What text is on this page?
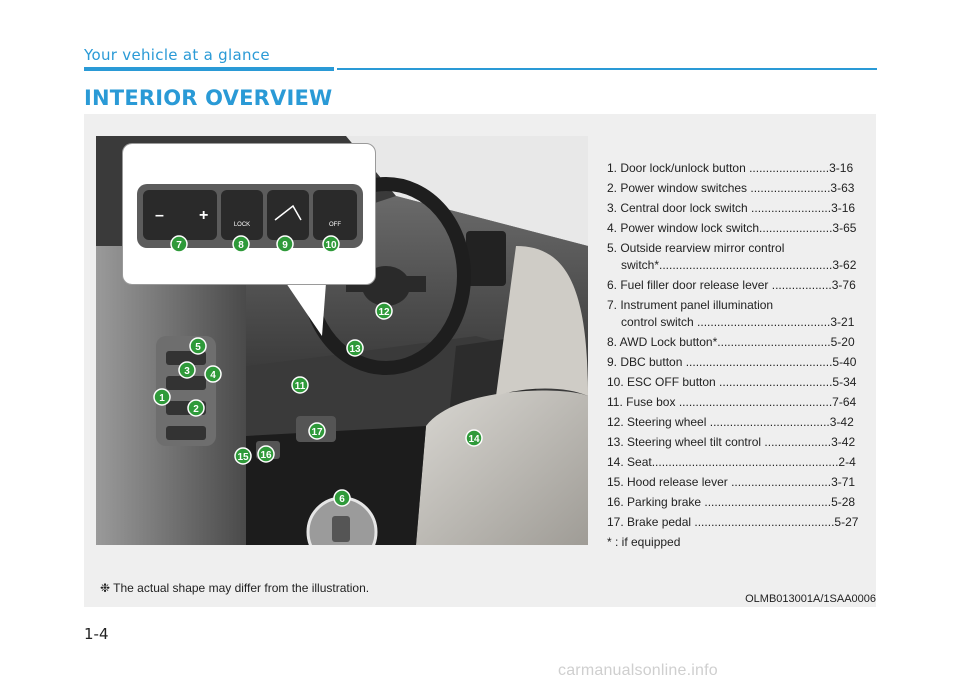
Your vehicle at a glance
INTERIOR OVERVIEW
1
2
3 4
5
6
11
12
13
14
15 16
17
– +
LOCK	OFF
7	8	9	10
1. Door lock/unlock button ........................3-16
2. Power window switches ........................3-63
3. Central door lock switch ........................3-16
4. Power window lock switch......................3-65
5. Outside rearview mirror control
switch*....................................................3-62
6. Fuel filler door release lever ..................3-76
7. Instrument panel illumination
control switch ........................................3-21
8. AWD Lock button*..................................5-20
9. DBC button ............................................5-40
10. ESC OFF button ..................................5-34
11. Fuse box ..............................................7-64
12. Steering wheel ....................................3-42
13. Steering wheel tilt control ....................3-42
14. Seat........................................................2-4
15. Hood release lever ..............................3-71
16. Parking brake ......................................5-28
17. Brake pedal ..........................................5-27
* : if equipped
❉ The actual shape may differ from the illustration.
OLMB013001A/1SAA0006
1-4
carmanualsonline.info
